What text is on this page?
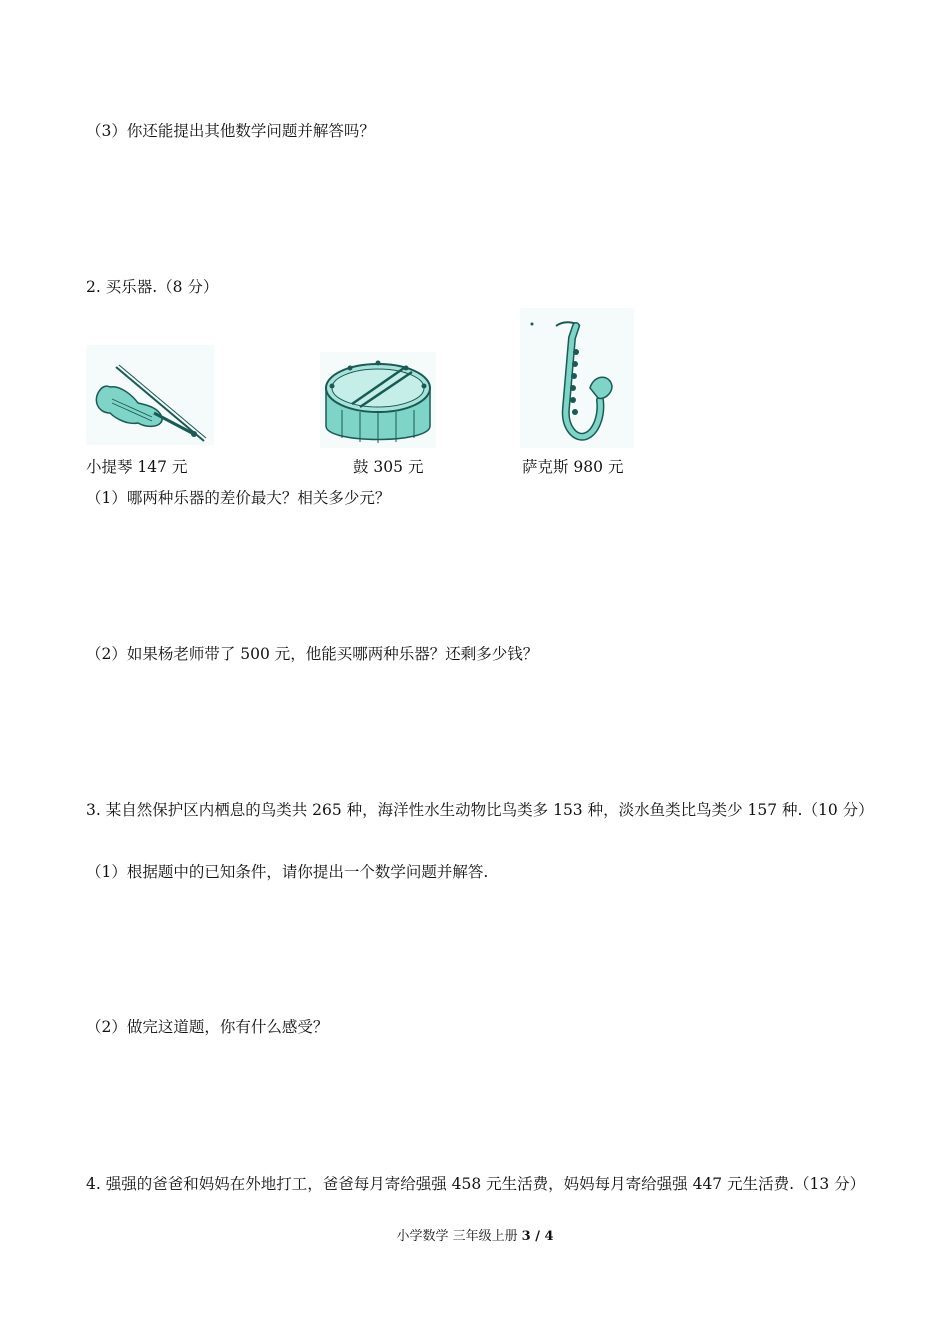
（3）你还能提出其他数学问题并解答吗？
2. 买乐器.（8 分）
小提琴 147 元	鼓 305 元	萨克斯 980 元
（1）哪两种乐器的差价最大？相关多少元？
（2）如果杨老师带了 500 元，他能买哪两种乐器？还剩多少钱？
3. 某自然保护区内栖息的鸟类共 265 种，海洋性水生动物比鸟类多 153 种，淡水鱼类比鸟类少 157 种.（10 分）
（1）根据题中的已知条件，请你提出一个数学问题并解答.
（2）做完这道题，你有什么感受？
4. 强强的爸爸和妈妈在外地打工，爸爸每月寄给强强 458 元生活费，妈妈每月寄给强强 447 元生活费.（13 分）
小学数学 三年级上册 3 / 4
